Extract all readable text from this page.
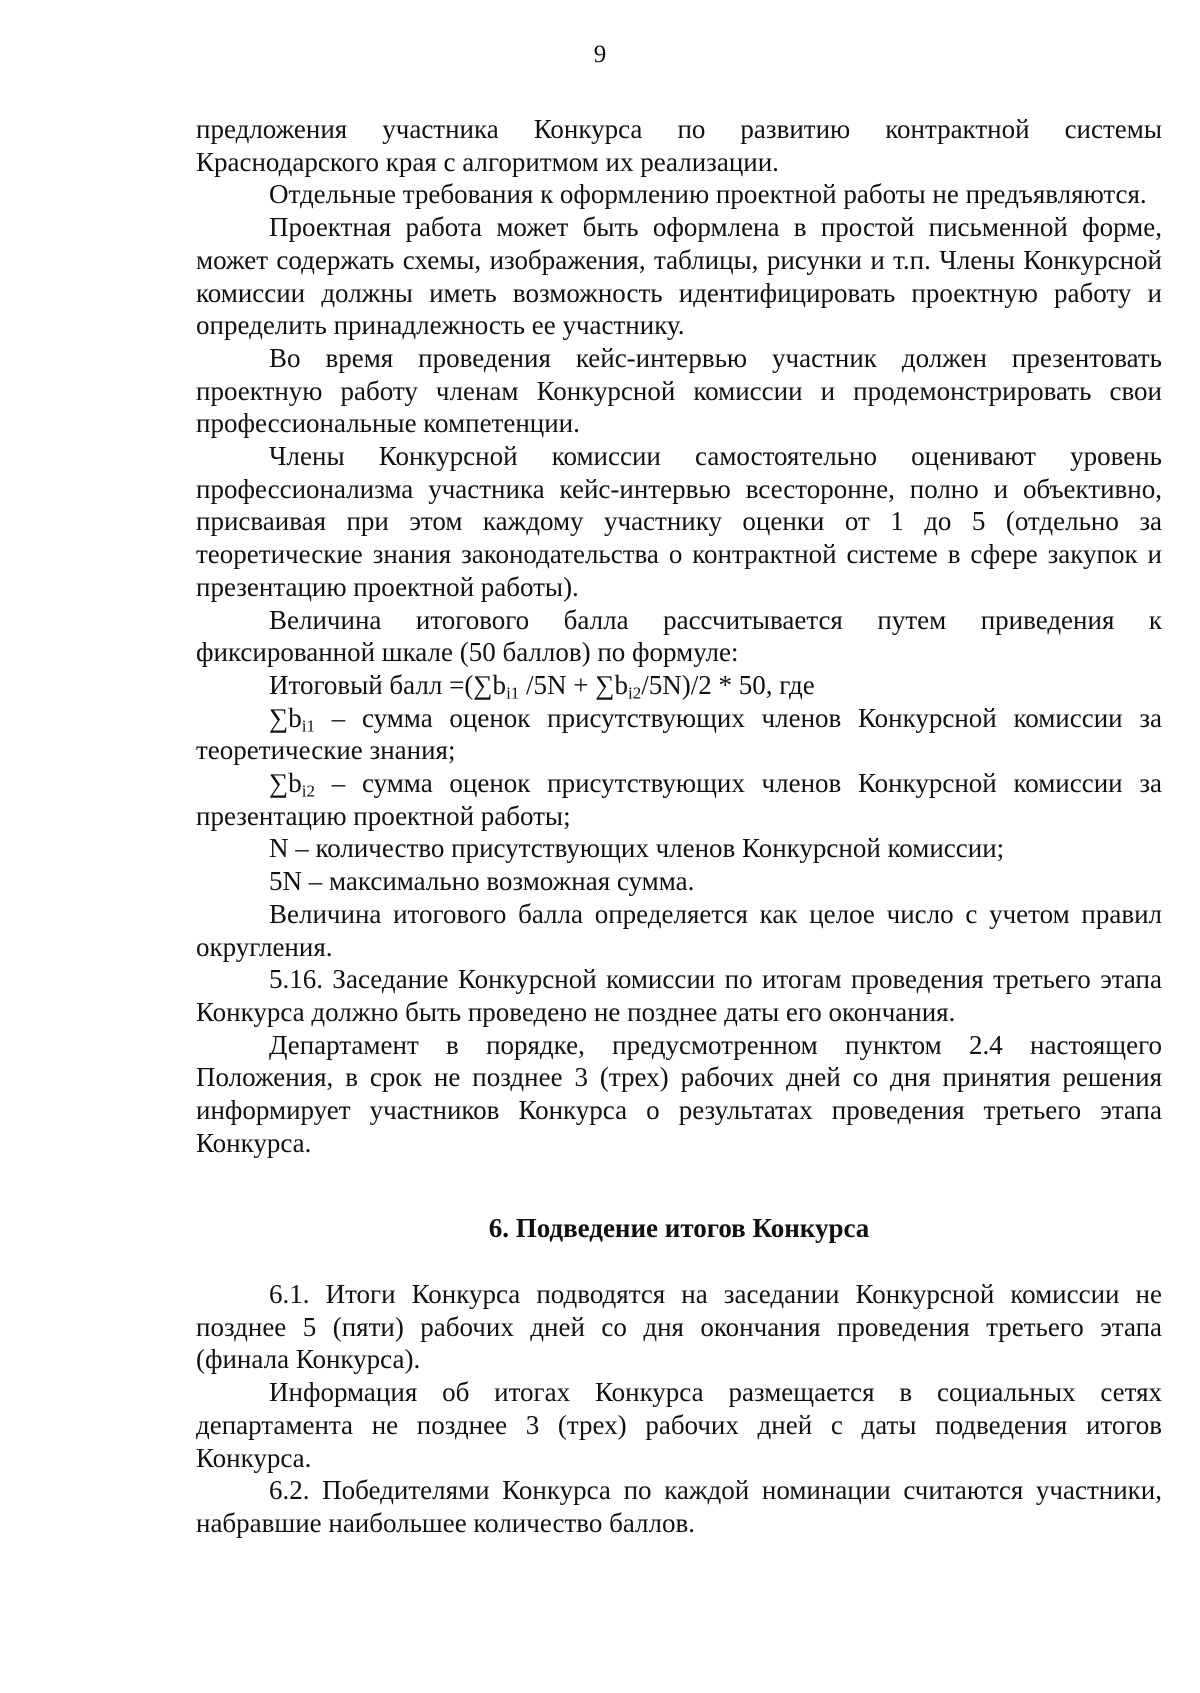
9

предложения участника Конкурса по развитию контрактной системы Краснодарского края с алгоритмом их реализации.

Отдельные требования к оформлению проектной работы не предъявляются.

Проектная работа может быть оформлена в простой письменной форме, может содержать схемы, изображения, таблицы, рисунки и т.п. Члены Конкурсной комиссии должны иметь возможность идентифицировать проектную работу и определить принадлежность ее участнику.

Во время проведения кейс-интервью участник должен презентовать проектную работу членам Конкурсной комиссии и продемонстрировать свои профессиональные компетенции.

Члены Конкурсной комиссии самостоятельно оценивают уровень профессионализма участника кейс-интервью всесторонне, полно и объективно, присваивая при этом каждому участнику оценки от 1 до 5 (отдельно за теоретические знания законодательства о контрактной системе в сфере закупок и презентацию проектной работы).

Величина итогового балла рассчитывается путем приведения к фиксированной шкале (50 баллов) по формуле:

Итоговый балл $=(\sum b_{i1}$ $/5N + \sum b_{i2}/5N)/2 * 50$, где

$\sum b_{i1}$ – сумма оценок присутствующих членов Конкурсной комиссии за теоретические знания;

$\sum b_{i2}$ – сумма оценок присутствующих членов Конкурсной комиссии за презентацию проектной работы;

N – количество присутствующих членов Конкурсной комиссии;

5N – максимально возможная сумма.

Величина итогового балла определяется как целое число с учетом правил округления.

5.16. Заседание Конкурсной комиссии по итогам проведения третьего этапа Конкурса должно быть проведено не позднее даты его окончания.

Департамент в порядке, предусмотренном пунктом 2.4 настоящего Положения, в срок не позднее 3 (трех) рабочих дней со дня принятия решения информирует участников Конкурса о результатах проведения третьего этапа Конкурса.

6. Подведение итогов Конкурса

6.1. Итоги Конкурса подводятся на заседании Конкурсной комиссии не позднее 5 (пяти) рабочих дней со дня окончания проведения третьего этапа (финала Конкурса).

Информация об итогах Конкурса размещается в социальных сетях департамента не позднее 3 (трех) рабочих дней с даты подведения итогов Конкурса.

6.2. Победителями Конкурса по каждой номинации считаются участники, набравшие наибольшее количество баллов.
